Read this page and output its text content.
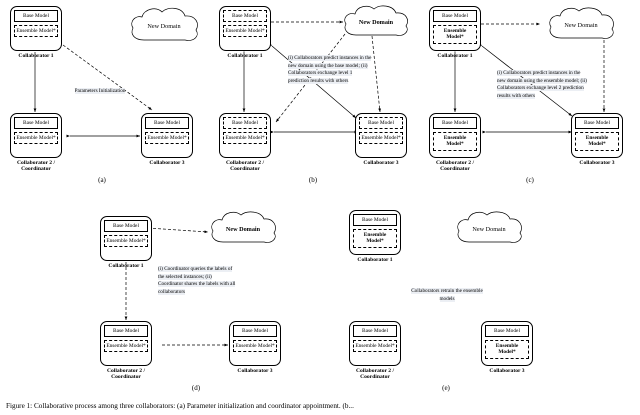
Base Model
Ensemble Model*
Collaborator 1
Base Model
Ensemble Model*
Collaborator 2 / Coordinator
Base Model
Ensemble Model*
Collaborator 3
New Domain
Parameters Initialization
(a)
Base Model
Ensemble Model*
Collaborator 1
Base Model
Ensemble Model*
Collaborator 2 / Coordinator
Base Model
Ensemble Model*
Collaborator 3
New Domain
(i) Collaborators predict instances in the new domain using the base model; (ii) Collaborators exchange level 1 prediction results with others
(b)
Base Model
Ensemble Model*
Collaborator 1
Base Model
Ensemble Model*
Collaborator 2 / Coordinator
Base Model
Ensemble Model*
Collaborator 3
New Domain
(i) Collaborators predict instances in the new domain using the ensemble model; (ii) Collaborators exchange level 2 prediction results with others
(c)
Base Model
Ensemble Model*
Collaborator 1
Base Model
Ensemble Model*
Collaborator 2 / Coordinator
Base Model
Ensemble Model*
Collaborator 3
New Domain
(i) Coordinator queries the labels of the selected instances; (ii) Coordinator shares the labels with all collaborators
(d)
Base Model
Ensemble Model*
Collaborator 1
Base Model
Ensemble Model*
Collaborator 2 / Coordinator
Base Model
Ensemble Model*
Collaborator 3
New Domain
Collaborators retrain the ensemble models
(e)
Figure 1: Collaborative process among three collaborators: (a) Parameter initialization and coordinator appointment. (b...
